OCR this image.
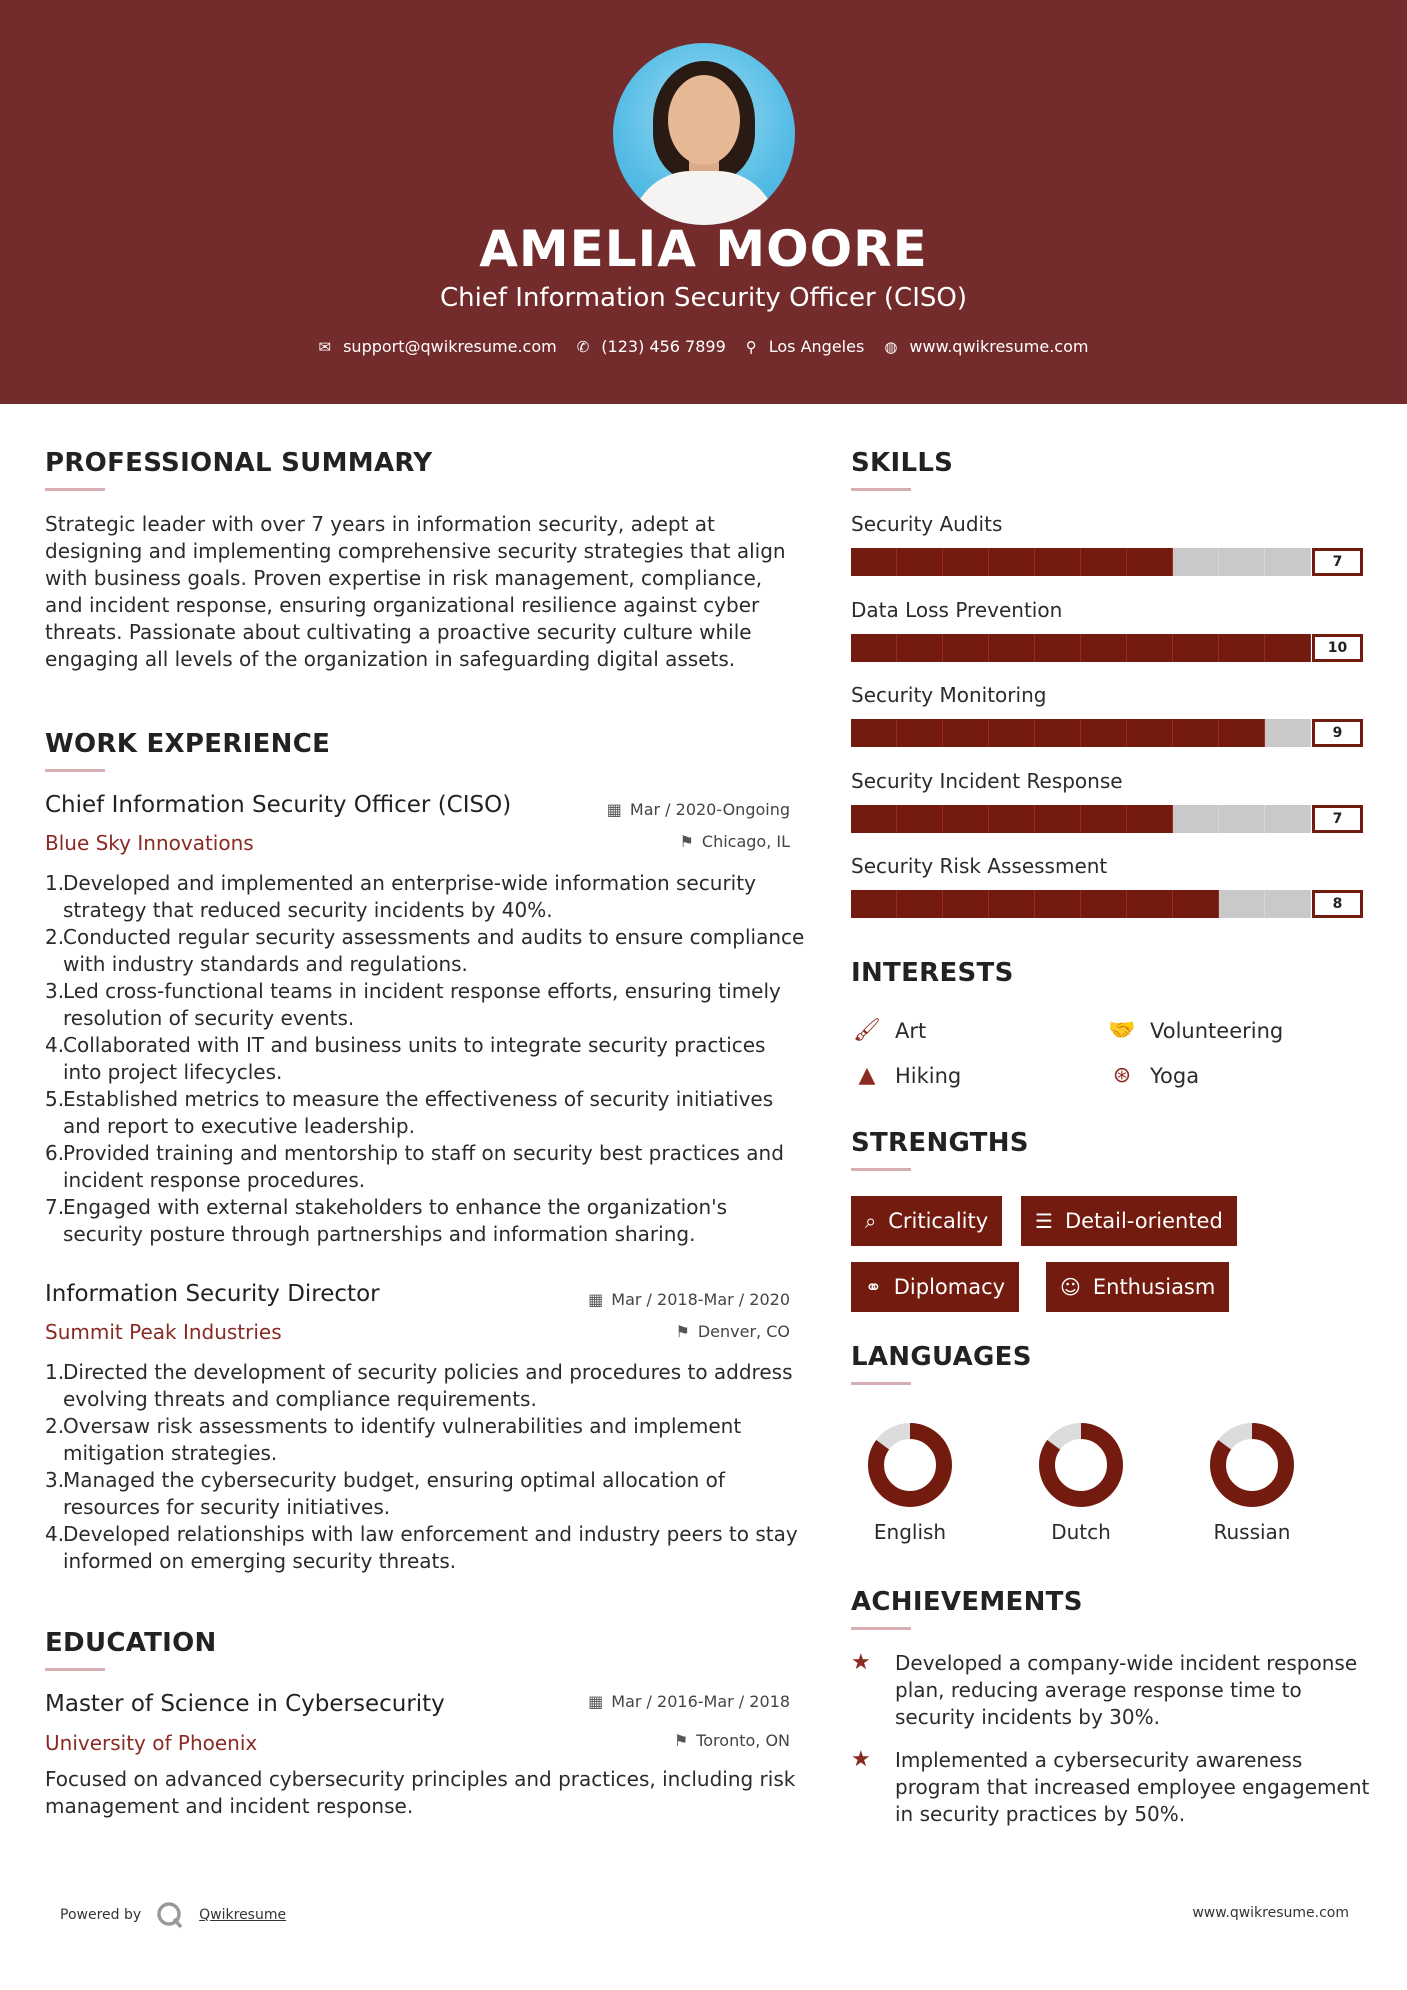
AMELIA MOORE
Chief Information Security Officer (CISO)
✉ support@qwikresume.com ✆ (123) 456 7899 ⚲ Los Angeles ◍ www.qwikresume.com
PROFESSIONAL SUMMARY
Strategic leader with over 7 years in information security, adept at designing and implementing comprehensive security strategies that align with business goals. Proven expertise in risk management, compliance, and incident response, ensuring organizational resilience against cyber threats. Passionate about cultivating a proactive security culture while engaging all levels of the organization in safeguarding digital assets.
WORK EXPERIENCE
Chief Information Security Officer (CISO)	▦ Mar / 2020-Ongoing
Blue Sky Innovations	⚑ Chicago, IL
1.
Developed and implemented an enterprise-wide information security strategy that reduced security incidents by 40%.
2.
Conducted regular security assessments and audits to ensure compliance with industry standards and regulations.
3.
Led cross-functional teams in incident response efforts, ensuring timely resolution of security events.
4.
Collaborated with IT and business units to integrate security practices into project lifecycles.
5.
Established metrics to measure the effectiveness of security initiatives and report to executive leadership.
6.
Provided training and mentorship to staff on security best practices and incident response procedures.
7.
Engaged with external stakeholders to enhance the organization's security posture through partnerships and information sharing.
Information Security Director	▦ Mar / 2018-Mar / 2020
Summit Peak Industries	⚑ Denver, CO
1.
Directed the development of security policies and procedures to address evolving threats and compliance requirements.
2.
Oversaw risk assessments to identify vulnerabilities and implement mitigation strategies.
3.
Managed the cybersecurity budget, ensuring optimal allocation of resources for security initiatives.
4.
Developed relationships with law enforcement and industry peers to stay informed on emerging security threats.
EDUCATION
Master of Science in Cybersecurity	▦ Mar / 2016-Mar / 2018
University of Phoenix	⚑ Toronto, ON
Focused on advanced cybersecurity principles and practices, including risk management and incident response.
SKILLS
Security Audits
7
Data Loss Prevention
10
Security Monitoring
9
Security Incident Response
7
Security Risk Assessment
8
INTERESTS
🖌 Art	🤝 Volunteering
▲ Hiking	⊛ Yoga
STRENGTHS
⌕ Criticality ☰ Detail-oriented
⚭ Diplomacy	☺ Enthusiasm
LANGUAGES
English	Dutch	Russian
ACHIEVEMENTS
★	Developed a company-wide incident response plan, reducing average response time to security incidents by 30%.
★	Implemented a cybersecurity awareness program that increased employee engagement in security practices by 50%.
Powered by	Qwikresume	www.qwikresume.com
